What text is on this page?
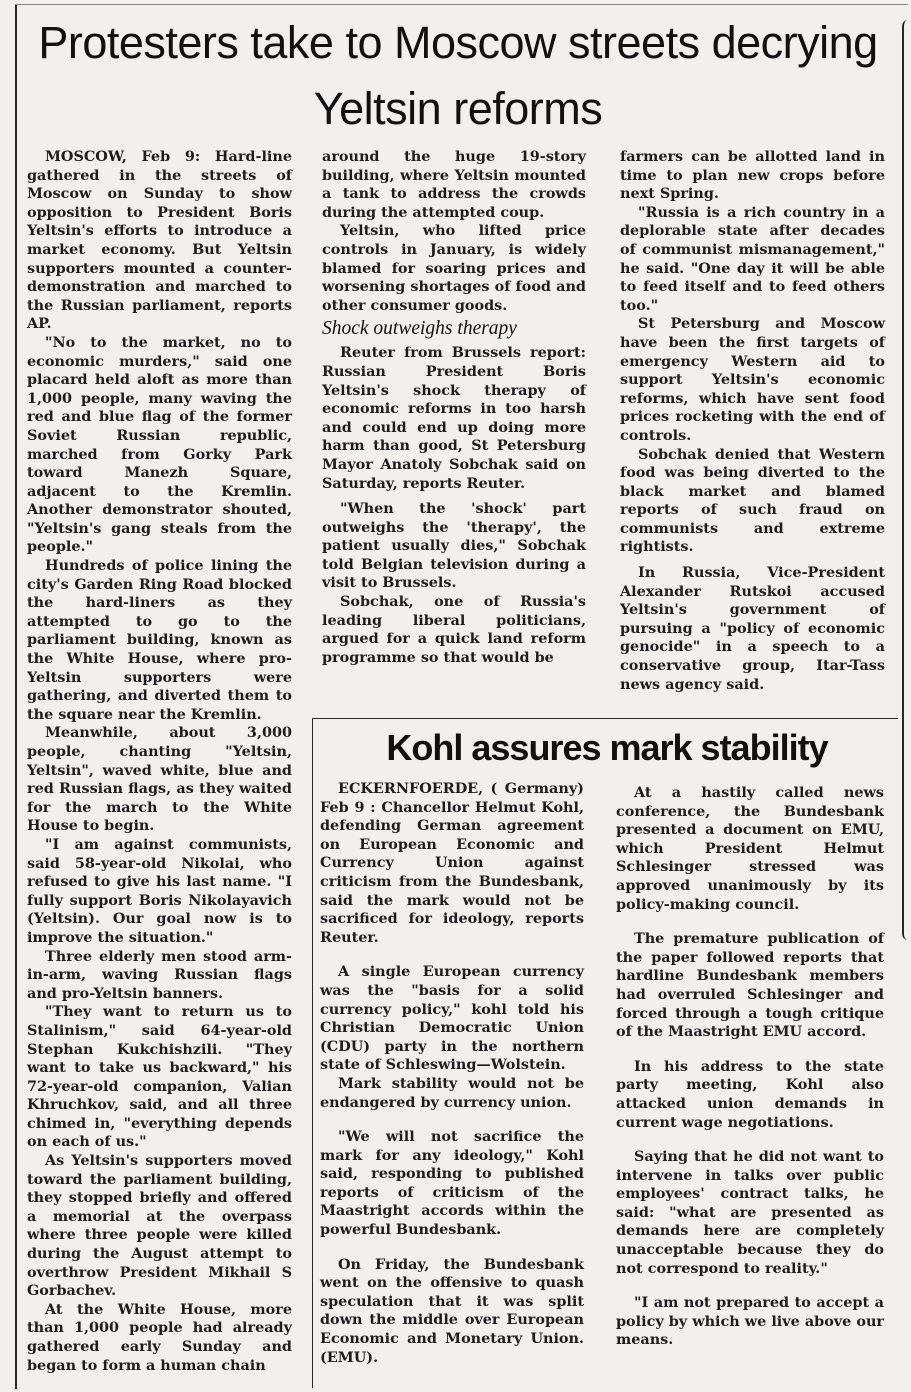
Protesters take to Moscow streets decrying Yeltsin reforms

MOSCOW, Feb 9: Hard-line gathered in the streets of Moscow on Sunday to show opposition to President Boris Yeltsin's efforts to introduce a market economy. But Yeltsin supporters mounted a counter-demonstration and marched to the Russian parliament, reports AP.

"No to the market, no to economic murders," said one placard held aloft as more than 1,000 people, many waving the red and blue flag of the former Soviet Russian republic, marched from Gorky Park toward Manezh Square, adjacent to the Kremlin. Another demonstrator shouted, "Yeltsin's gang steals from the people."

Hundreds of police lining the city's Garden Ring Road blocked the hard-liners as they attempted to go to the parliament building, known as the White House, where pro-Yeltsin supporters were gathering, and diverted them to the square near the Kremlin.

Meanwhile, about 3,000 people, chanting "Yeltsin, Yeltsin", waved white, blue and red Russian flags, as they waited for the march to the White House to begin.

"I am against communists, said 58-year-old Nikolai, who refused to give his last name. "I fully support Boris Nikolayavich (Yeltsin). Our goal now is to improve the situation."

Three elderly men stood arm-in-arm, waving Russian flags and pro-Yeltsin banners.

"They want to return us to Stalinism," said 64-year-old Stephan Kukchishzili. "They want to take us backward," his 72-year-old companion, Valian Khruchkov, said, and all three chimed in, "everything depends on each of us."

As Yeltsin's supporters moved toward the parliament building, they stopped briefly and offered a memorial at the overpass where three people were killed during the August attempt to overthrow President Mikhail S Gorbachev.

At the White House, more than 1,000 people had already gathered early Sunday and began to form a human chain

around the huge 19-story building, where Yeltsin mounted a tank to address the crowds during the attempted coup.

Yeltsin, who lifted price controls in January, is widely blamed for soaring prices and worsening shortages of food and other consumer goods.

Shock outweighs therapy

Reuter from Brussels report: Russian President Boris Yeltsin's shock therapy of economic reforms in too harsh and could end up doing more harm than good, St Petersburg Mayor Anatoly Sobchak said on Saturday, reports Reuter.

"When the 'shock' part outweighs the 'therapy', the patient usually dies," Sobchak told Belgian television during a visit to Brussels.

Sobchak, one of Russia's leading liberal politicians, argued for a quick land reform programme so that would be

farmers can be allotted land in time to plan new crops before next Spring.

"Russia is a rich country in a deplorable state after decades of communist mismanagement," he said. "One day it will be able to feed itself and to feed others too."

St Petersburg and Moscow have been the first targets of emergency Western aid to support Yeltsin's economic reforms, which have sent food prices rocketing with the end of controls.

Sobchak denied that Western food was being diverted to the black market and blamed reports of such fraud on communists and extreme rightists.

In Russia, Vice-President Alexander Rutskoi accused Yeltsin's government of pursuing a "policy of economic genocide" in a speech to a conservative group, Itar-Tass news agency said.

Kohl assures mark stability

ECKERNFOERDE, ( Germany) Feb 9 : Chancellor Helmut Kohl, defending German agreement on European Economic and Currency Union against criticism from the Bundesbank, said the mark would not be sacrificed for ideology, reports Reuter.

A single European currency was the "basis for a solid currency policy," kohl told his Christian Democratic Union (CDU) party in the northern state of Schleswing—Wolstein.

Mark stability would not be endangered by currency union.

"We will not sacrifice the mark for any ideology," Kohl said, responding to published reports of criticism of the Maastright accords within the powerful Bundesbank.

On Friday, the Bundesbank went on the offensive to quash speculation that it was split down the middle over European Economic and Monetary Union. (EMU).

At a hastily called news conference, the Bundesbank presented a document on EMU, which President Helmut Schlesinger stressed was approved unanimously by its policy-making council.

The premature publication of the paper followed reports that hardline Bundesbank members had overruled Schlesinger and forced through a tough critique of the Maastright EMU accord.

In his address to the state party meeting, Kohl also attacked union demands in current wage negotiations.

Saying that he did not want to intervene in talks over public employees' contract talks, he said: "what are presented as demands here are completely unacceptable because they do not correspond to reality."

"I am not prepared to accept a policy by which we live above our means.
